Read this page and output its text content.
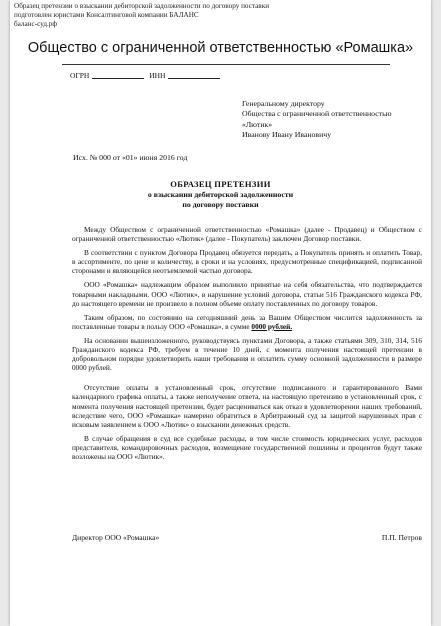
Образец претензии о взыскании дебиторской задолженности по договору поставки
подготовлен юристами Консалтинговой компании БАЛАНС
баланс-суд.рф
Общество с ограниченной ответственностью «Ромашка»
ОГРН	ИНН
Генеральному директору
Общества с ограниченной ответственностью
«Лютик»
Иванову Ивану Ивановичу
Исх. № 000 от «01» июня 2016 год
ОБРАЗЕЦ ПРЕТЕНЗИИ
о взыскании дебиторской задолженности
по договору поставки

Между Обществом с ограниченной ответственностью «Ромашка» (далее - Продавец) и Обществом с ограниченной ответственностью «Лютик» (далее - Покупатель) заключен Договор поставки.

В соответствии с пунктом Договора Продавец обязуется передать, а Покупатель принять и оплатить Товар, в ассортименте, по цене и количеству, в сроки и на условиях, предусмотренные спецификацией, подписанной сторонами и являющейся неотъемлемой частью договора.

ООО «Ромашка» надлежащим образом выполнило принятые на себя обязательства, что подтверждается товарными накладными. ООО «Лютик», в нарушение условий договора, статьи 516 Гражданского кодекса РФ, до настоящего времени не произвело в полном объеме оплату поставленных по договору товаров.

Таким образом, по состоянию на сегодняшний день за Вашим Обществом числится задолженность за поставленные товары в пользу ООО «Ромашка», в сумме 0000 рублей.

На основании вышеизложенного, руководствуясь пунктами Договора, а также статьями 309, 310, 314, 516 Гражданского кодекса РФ, требуем в течение 10 дней, с момента получения настоящей претензии в добровольном порядке удовлетворить наши требования и оплатить сумму основной задолженности в размере 0000 рублей.

Отсутствие оплаты в установленный срок, отсутствие подписанного и гарантированного Вами календарного графика оплаты, а также неполучение ответа, на настоящую претензию в установленный срок, с момента получения настоящей претензии, будет расцениваться как отказ в удовлетворении наших требований, вследствие чего, ООО «Ромашка» намерено обратиться в Арбитражный суд за защитой нарушенных прав с исковым заявлением к ООО «Лютик» о взыскании денежных средств.

В случае обращения в суд все судебные расходы, в том числе стоимость юридических услуг, расходов представителя, командировочных расходов, возмещение государственной пошлины и процентов будут также возложены на ООО «Лютик».

Директор ООО «Ромашка»	П.П. Петров
